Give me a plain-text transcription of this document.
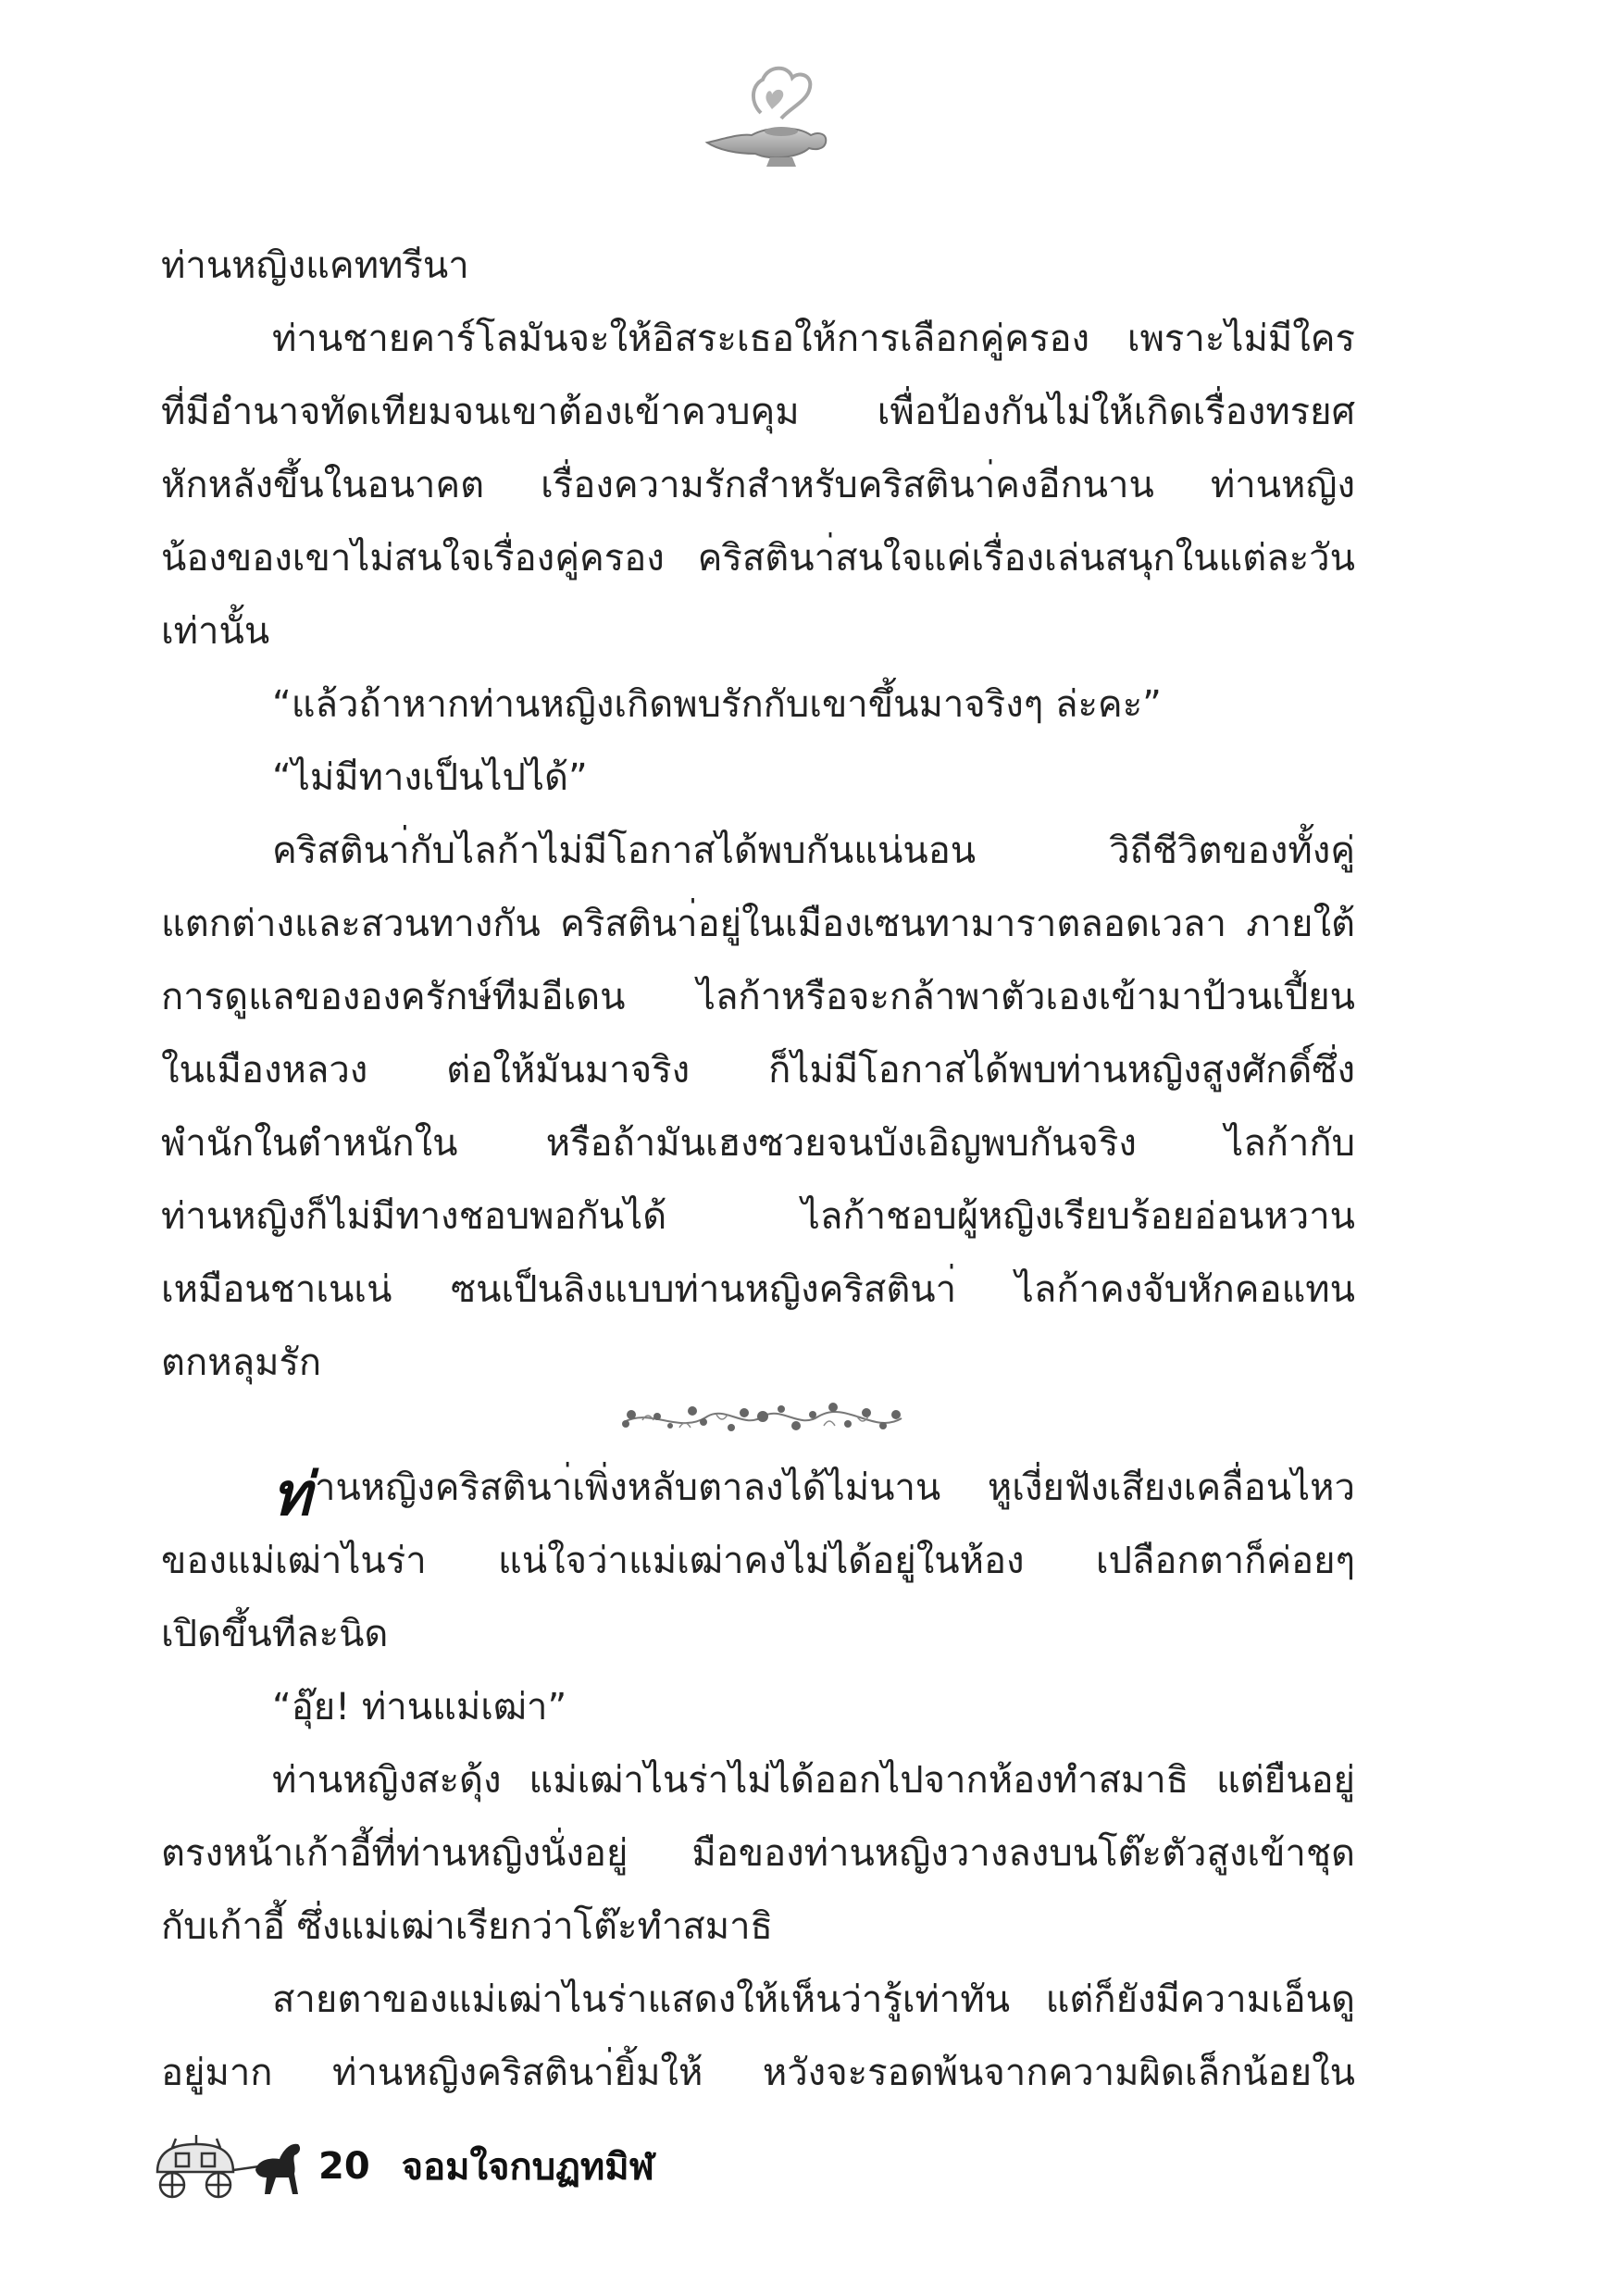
ท่านหญิงแคททรีนา
ท่านชายคาร์โลมันจะให้อิสระเธอให้การเลือกคู่ครอง เพราะไม่มีใคร
ที่มีอำนาจทัดเทียมจนเขาต้องเข้าควบคุม เพื่อป้องกันไม่ให้เกิดเรื่องทรยศ
หักหลังขึ้นในอนาคต เรื่องความรักสำหรับคริสตินา่คงอีกนาน ท่านหญิง
น้องของเขาไม่สนใจเรื่องคู่ครอง คริสตินา่สนใจแค่เรื่องเล่นสนุกในแต่ละวัน
เท่านั้น
“แล้วถ้าหากท่านหญิงเกิดพบรักกับเขาขึ้นมาจริงๆ ล่ะคะ”
“ไม่มีทางเป็นไปได้”
คริสตินา่กับไลก้าไม่มีโอกาสได้พบกันแน่นอน วิถีชีวิตของทั้งคู่
แตกต่างและสวนทางกัน คริสตินา่อยู่ในเมืองเซนทามาราตลอดเวลา ภายใต้
การดูแลขององครักษ์ทีมอีเดน ไลก้าหรือจะกล้าพาตัวเองเข้ามาป้วนเปี้ยน
ในเมืองหลวง ต่อให้มันมาจริง ก็ไม่มีโอกาสได้พบท่านหญิงสูงศักดิ์ซึ่ง
พำนักในตำหนักใน หรือถ้ามันเฮงซวยจนบังเอิญพบกันจริง ไลก้ากับ
ท่านหญิงก็ไม่มีทางชอบพอกันได้ ไลก้าชอบผู้หญิงเรียบร้อยอ่อนหวาน
เหมือนชาเนเน่ ซนเป็นลิงแบบท่านหญิงคริสตินา่ ไลก้าคงจับหักคอแทน
ตกหลุมรัก
ท่ านหญิงคริสตินา่เพิ่งหลับตาลงได้ไม่นาน หูเงี่ยฟังเสียงเคลื่อนไหว
ของแม่เฒ่าไนร่า แน่ใจว่าแม่เฒ่าคงไม่ได้อยู่ในห้อง เปลือกตาก็ค่อยๆ
เปิดขึ้นทีละนิด
“อุ๊ย! ท่านแม่เฒ่า”
ท่านหญิงสะดุ้ง แม่เฒ่าไนร่าไม่ได้ออกไปจากห้องทำสมาธิ แต่ยืนอยู่
ตรงหน้าเก้าอี้ที่ท่านหญิงนั่งอยู่ มือของท่านหญิงวางลงบนโต๊ะตัวสูงเข้าชุด
กับเก้าอี้ ซึ่งแม่เฒ่าเรียกว่าโต๊ะทำสมาธิ
สายตาของแม่เฒ่าไนร่าแสดงให้เห็นว่ารู้เท่าทัน แต่ก็ยังมีความเอ็นดู
อยู่มาก ท่านหญิงคริสตินา่ยิ้มให้ หวังจะรอดพ้นจากความผิดเล็กน้อยใน
20 จอมใจกบฏทมิฬ
